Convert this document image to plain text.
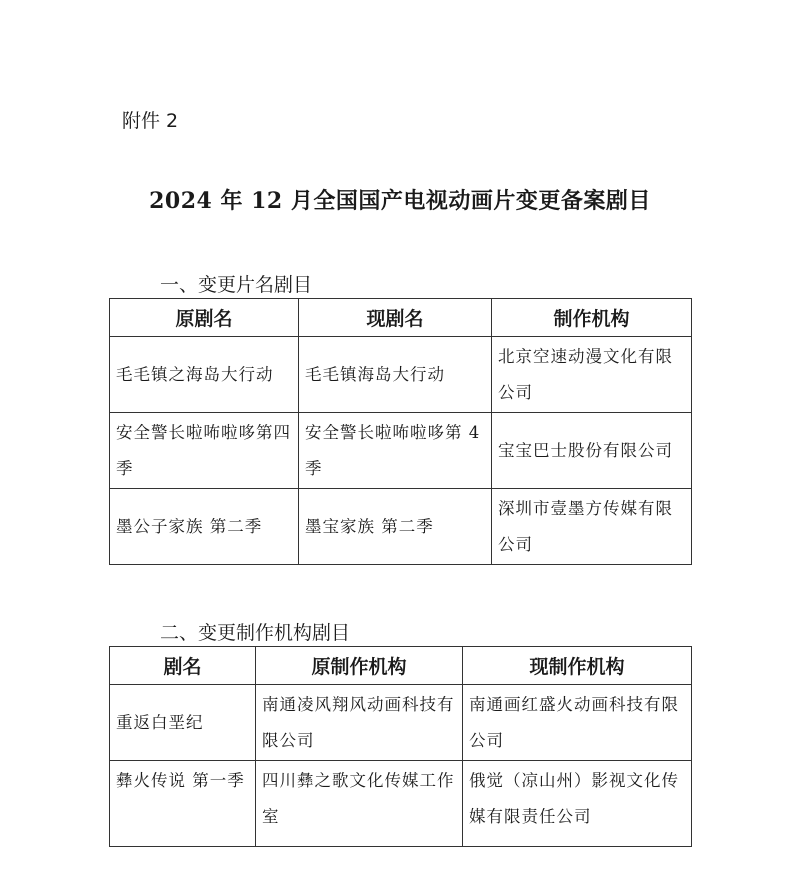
附件 2
2024 年 12 月全国国产电视动画片变更备案剧目
一、变更片名剧目
原剧名	现剧名	制作机构
毛毛镇之海岛大行动	毛毛镇海岛大行动	北京空速动漫文化有限公司
安全警长啦咘啦哆第四季	安全警长啦咘啦哆第 4 季	宝宝巴士股份有限公司
墨公子家族 第二季	墨宝家族 第二季	深圳市壹墨方传媒有限公司
二、变更制作机构剧目
剧名	原制作机构	现制作机构
重返白垩纪	南通凌风翔风动画科技有限公司	南通画红盛火动画科技有限公司
彝火传说 第一季	四川彝之歌文化传媒工作室	俄觉（凉山州）影视文化传媒有限责任公司
